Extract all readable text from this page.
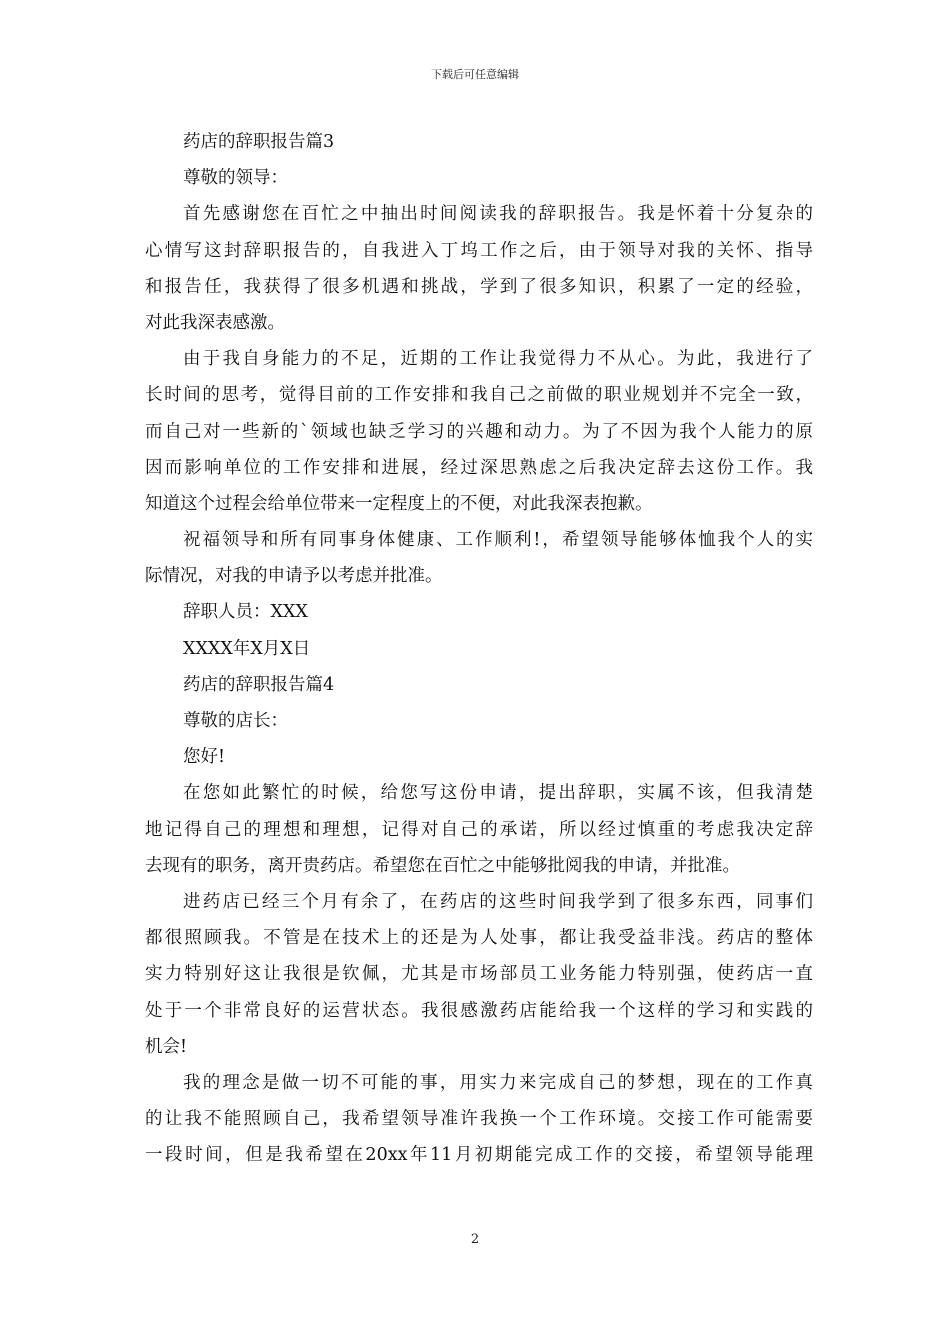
下载后可任意编辑
药店的辞职报告篇3
尊敬的领导：
首先感谢您在百忙之中抽出时间阅读我的辞职报告。我是怀着十分复杂的
心情写这封辞职报告的，自我进入丁坞工作之后，由于领导对我的关怀、指导
和报告任，我获得了很多机遇和挑战，学到了很多知识，积累了一定的经验，
对此我深表感激。
由于我自身能力的不足，近期的工作让我觉得力不从心。为此，我进行了
长时间的思考，觉得目前的工作安排和我自己之前做的职业规划并不完全一致，
而自己对一些新的`领域也缺乏学习的兴趣和动力。为了不因为我个人能力的原
因而影响单位的工作安排和进展，经过深思熟虑之后我决定辞去这份工作。我
知道这个过程会给单位带来一定程度上的不便，对此我深表抱歉。
祝福领导和所有同事身体健康、工作顺利!，希望领导能够体恤我个人的实
际情况，对我的申请予以考虑并批准。
辞职人员：XXX
XXXX年X月X日
药店的辞职报告篇4
尊敬的店长：
您好!
在您如此繁忙的时候，给您写这份申请，提出辞职，实属不该，但我清楚
地记得自己的理想和理想，记得对自己的承诺，所以经过慎重的考虑我决定辞
去现有的职务，离开贵药店。希望您在百忙之中能够批阅我的申请，并批准。
进药店已经三个月有余了，在药店的这些时间我学到了很多东西，同事们
都很照顾我。不管是在技术上的还是为人处事，都让我受益非浅。药店的整体
实力特别好这让我很是钦佩，尤其是市场部员工业务能力特别强，使药店一直
处于一个非常良好的运营状态。我很感激药店能给我一个这样的学习和实践的
机会!
我的理念是做一切不可能的事，用实力来完成自己的梦想，现在的工作真
的让我不能照顾自己，我希望领导准许我换一个工作环境。交接工作可能需要
一段时间，但是我希望在20xx年11月初期能完成工作的交接，希望领导能理
2
